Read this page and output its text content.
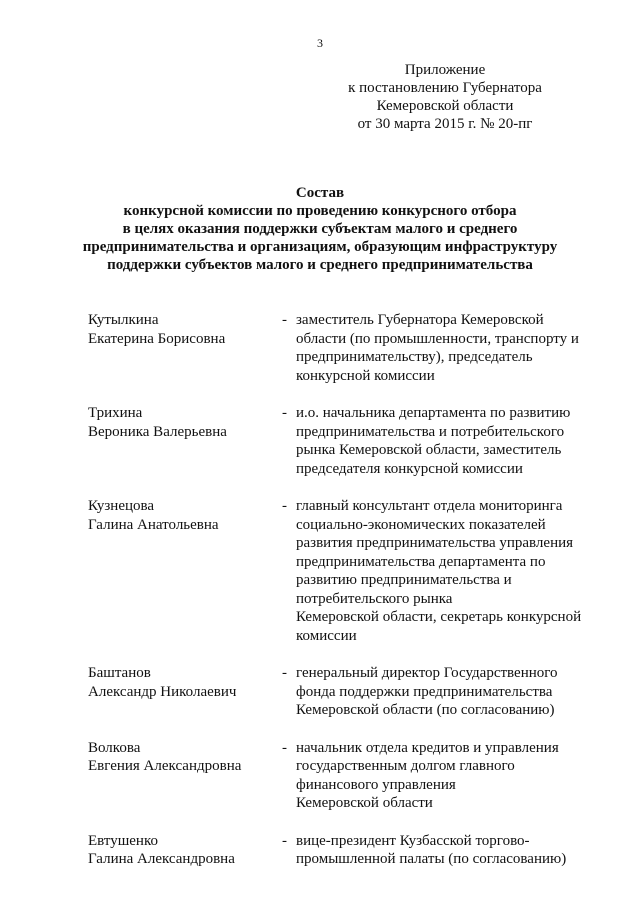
3
Приложение
к постановлению Губернатора
Кемеровской области
от 30 марта 2015 г. № 20-пг
Состав
конкурсной комиссии по проведению конкурсного отбора
в целях оказания поддержки субъектам малого и среднего
предпринимательства и организациям, образующим инфраструктуру
поддержки субъектов малого и среднего предпринимательства
Кутылкина
Екатерина Борисовна
- заместитель Губернатора Кемеровской
области (по промышленности, транспорту и
предпринимательству), председатель
конкурсной комиссии
Трихина
Вероника Валерьевна
- и.о. начальника департамента по развитию
предпринимательства и потребительского
рынка Кемеровской области, заместитель
председателя конкурсной комиссии
Кузнецова
Галина Анатольевна
- главный консультант отдела мониторинга
социально-экономических показателей
развития предпринимательства управления
предпринимательства департамента по
развитию предпринимательства и
потребительского рынка
Кемеровской области, секретарь конкурсной
комиссии
Баштанов
Александр Николаевич
- генеральный директор Государственного
фонда поддержки предпринимательства
Кемеровской области (по согласованию)
Волкова
Евгения Александровна
- начальник отдела кредитов и управления
государственным долгом главного
финансового управления
Кемеровской области
Евтушенко
Галина Александровна
- вице-президент Кузбасской торгово-
промышленной палаты (по согласованию)
